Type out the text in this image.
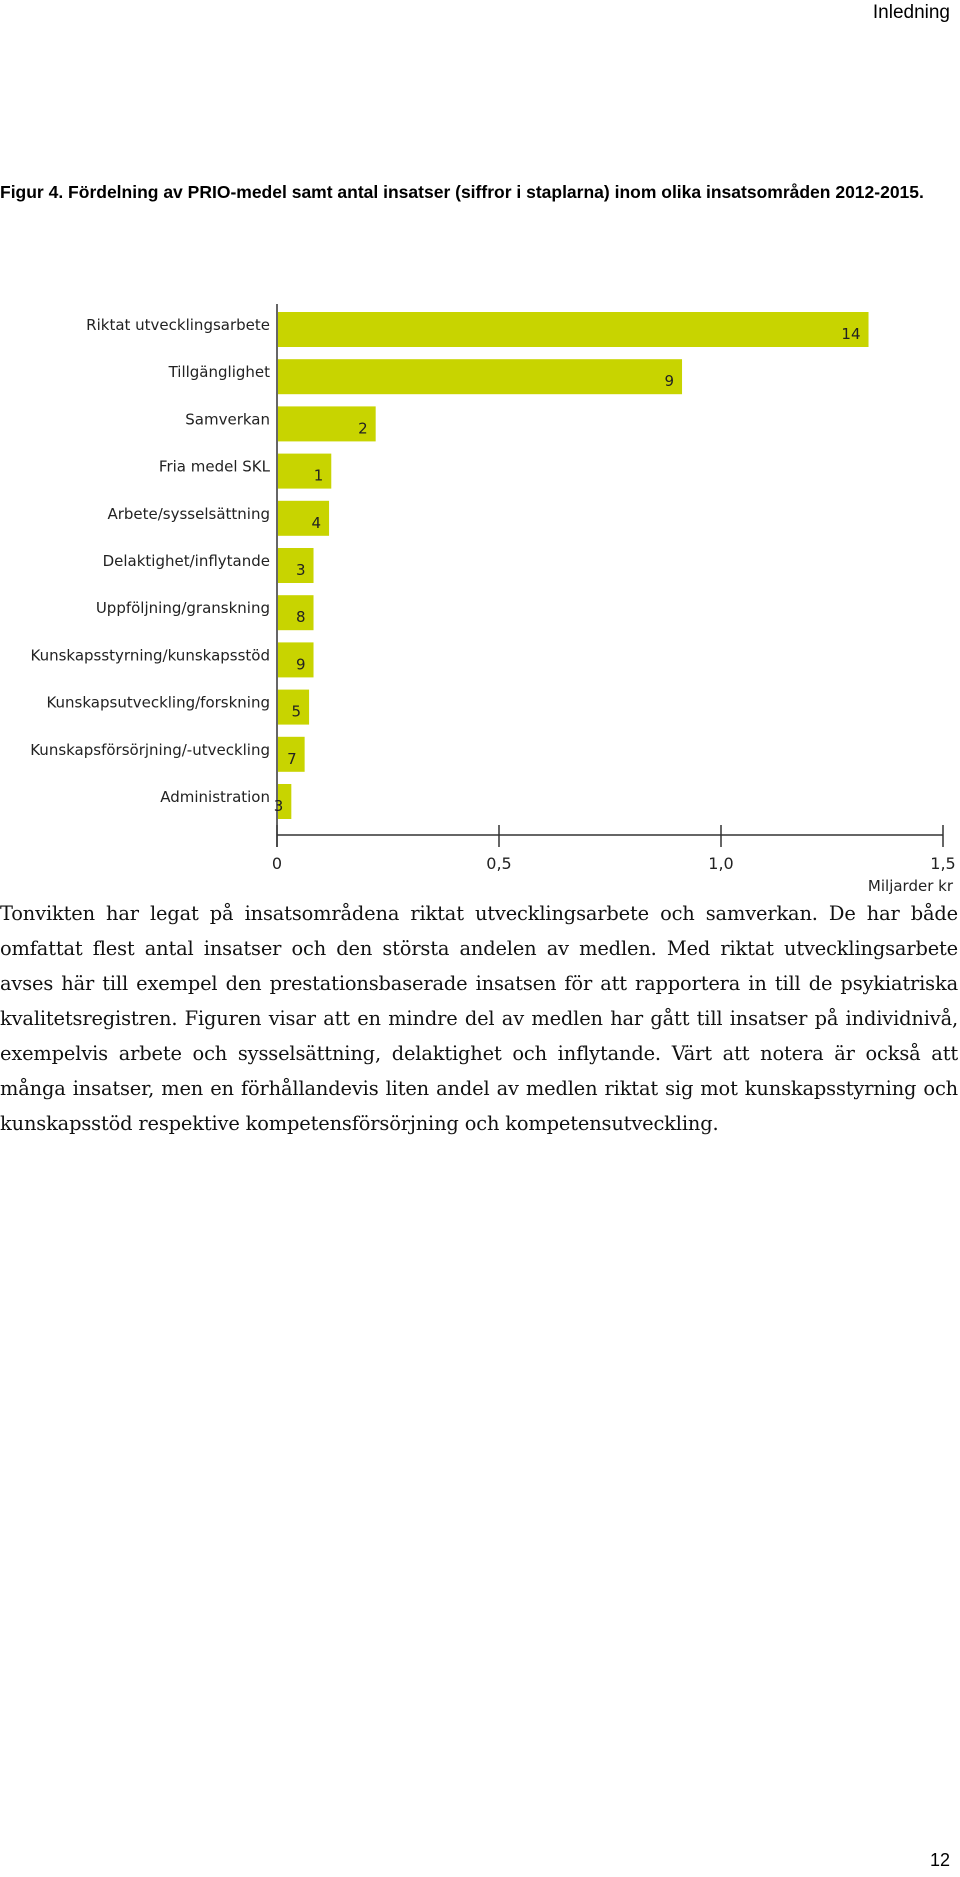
Inledning
Figur 4. Fördelning av PRIO-medel samt antal insatser (siffror i staplarna) inom olika insatsområden 2012-2015.
Riktat utvecklingsarbete	14
Tillgänglighet	9
Samverkan	2
Fria medel SKL	1
Arbete/sysselsättning	4
Delaktighet/inflytande 3
Uppföljning/granskning 8
Kunskapsstyrning/kunskapsstöd 9
Kunskapsutveckling/forskning 5
Kunskapsförsörjning/-utveckling 7
Administration 3
0	0,5	1,0	1,5
Miljarder kr
Tonvikten har legat på insatsområdena riktat utvecklingsarbete och samverkan. De har både omfattat flest antal insatser och den största andelen av medlen. Med riktat utvecklingsarbete avses här till exempel den prestationsbaserade insatsen för att rapportera in till de psykiatriska kvalitetsregistren. Figuren visar att en mindre del av medlen har gått till insatser på individnivå, exempelvis arbete och sysselsättning, delaktighet och inflytande. Värt att notera är också att många insatser, men en förhållandevis liten andel av medlen riktat sig mot kunskapsstyrning och kunskapsstöd respektive kompetensförsörjning och kompetensutveckling.
12
